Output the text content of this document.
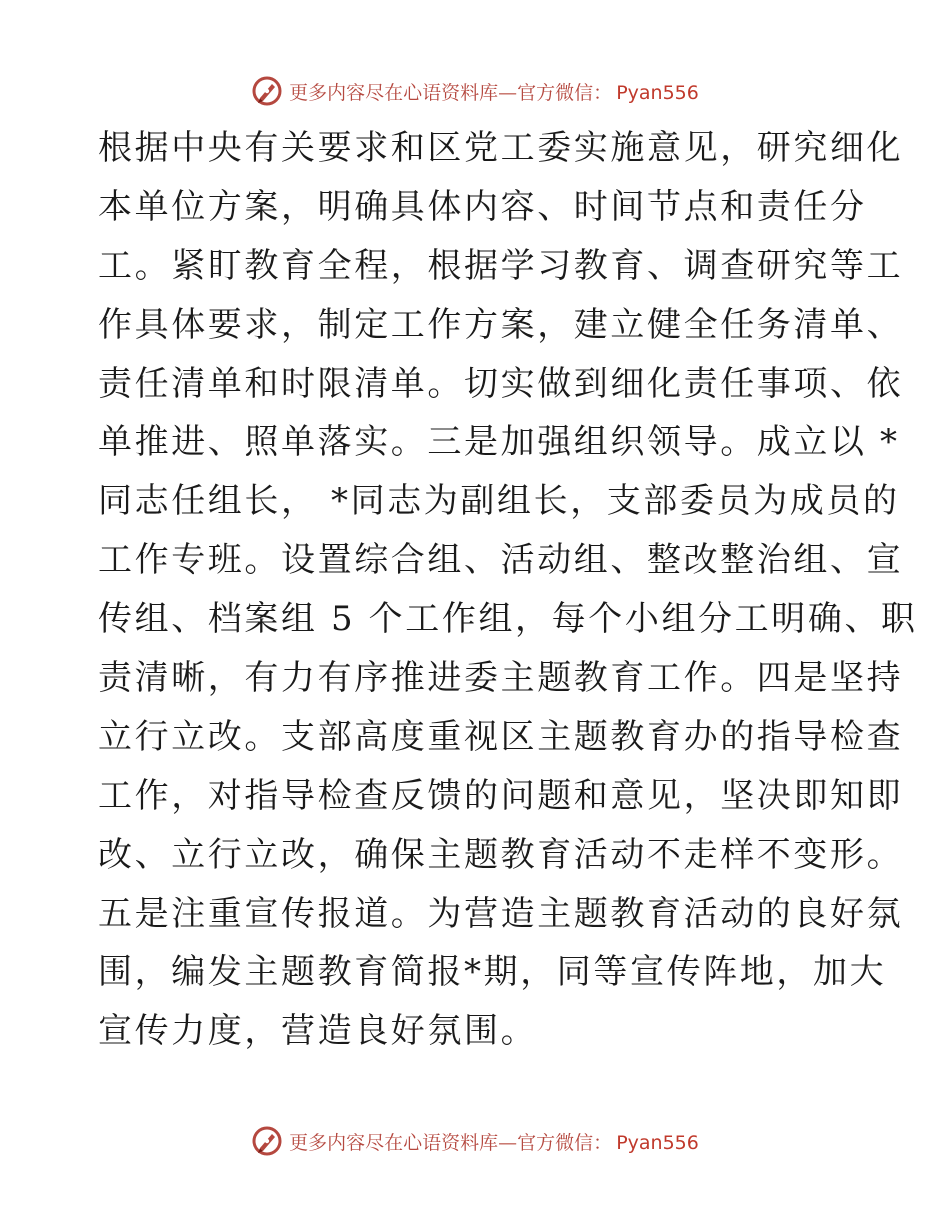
更多内容尽在心语资料库—官方微信： Pyan556
根据中央有关要求和区党工委实施意见，研究细化
本单位方案，明确具体内容、时间节点和责任分
工。紧盯教育全程，根据学习教育、调查研究等工
作具体要求，制定工作方案，建立健全任务清单、
责任清单和时限清单。切实做到细化责任事项、依
单推进、照单落实。三是加强组织领导。成立以 *
同志任组长， *同志为副组长，支部委员为成员的
工作专班。设置综合组、活动组、整改整治组、宣
传组、档案组 5 个工作组，每个小组分工明确、职
责清晰，有力有序推进委主题教育工作。四是坚持
立行立改。支部高度重视区主题教育办的指导检查
工作，对指导检查反馈的问题和意见，坚决即知即
改、立行立改，确保主题教育活动不走样不变形。
五是注重宣传报道。为营造主题教育活动的良好氛
围，编发主题教育简报*期，同等宣传阵地，加大
宣传力度，营造良好氛围。
更多内容尽在心语资料库—官方微信： Pyan556
